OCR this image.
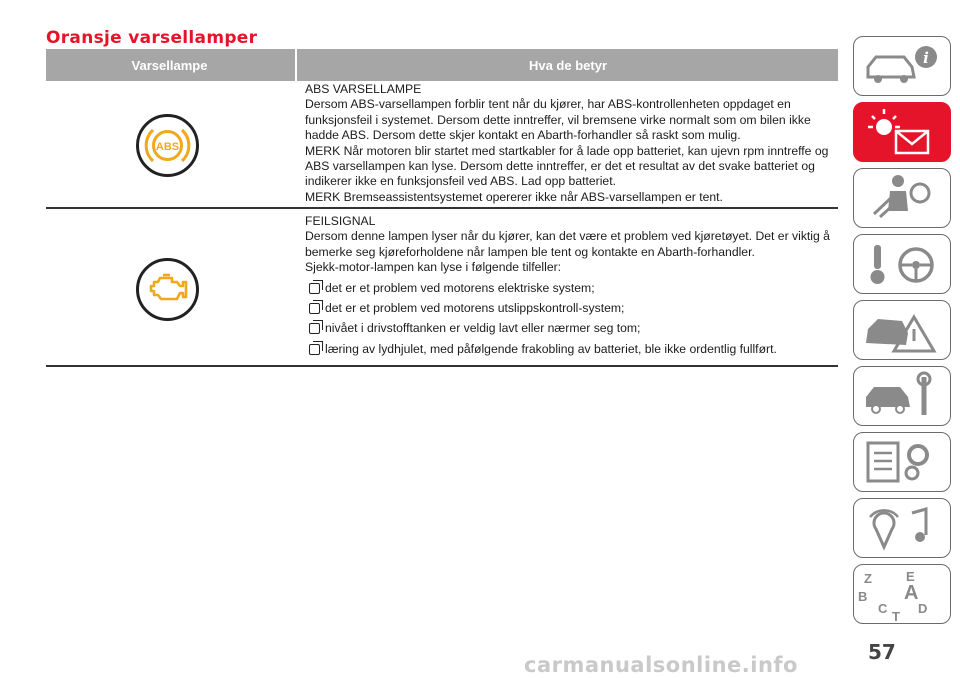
Oransje varsellamper
Varsellampe	Hva de betyr
ABS

ABS VARSELLAMPE

Dersom ABS-varsellampen forblir tent når du kjører, har ABS-kontrollenheten oppdaget en funksjonsfeil i systemet. Dersom dette inntreffer, vil bremsene virke normalt som om bilen ikke hadde ABS. Dersom dette skjer kontakt en Abarth-forhandler så raskt som mulig.

MERK Når motoren blir startet med startkabler for å lade opp batteriet, kan ujevn rpm inntreffe og ABS varsellampen kan lyse. Dersom dette inntreffer, er det et resultat av det svake batteriet og indikerer ikke en funksjonsfeil ved ABS. Lad opp batteriet.

MERK Bremseassistentsystemet opererer ikke når ABS-varsellampen er tent.

FEILSIGNAL

Dersom denne lampen lyser når du kjører, kan det være et problem ved kjøretøyet. Det er viktig å bemerke seg kjøreforholdene når lampen ble tent og kontakte en Abarth-forhandler.

Sjekk-motor-lampen kan lyse i følgende tilfeller:

det er et problem ved motorens elektriske system;
det er et problem ved motorens utslippskontroll-system;
nivået i drivstofftanken er veldig lavt eller nærmer seg tom;
læring av lydhjulet, med påfølgende frakobling av batteriet, ble ikke ordentlig fullført.
i
Z	E
B A
C D
T
57
carmanualsonline.info
